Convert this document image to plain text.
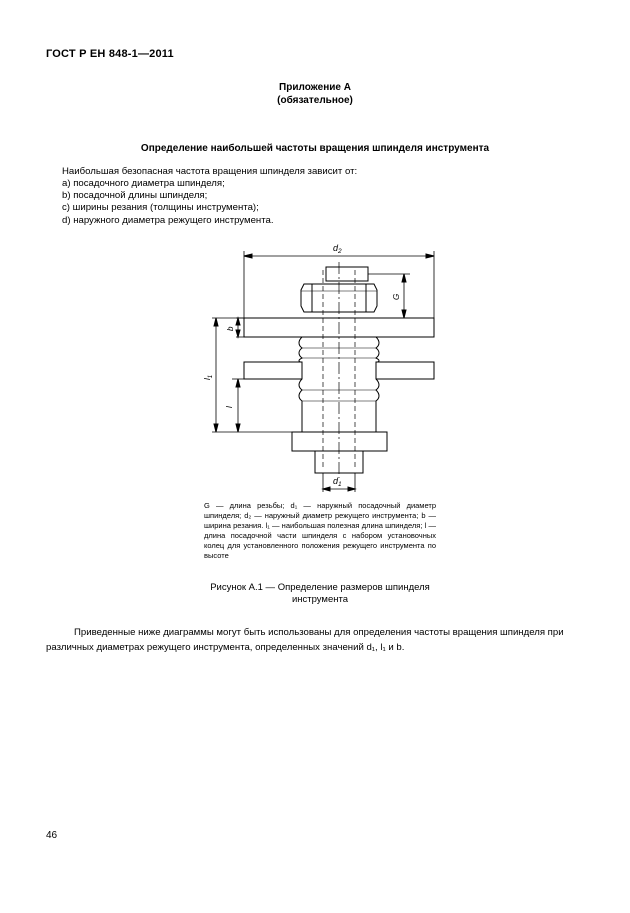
ГОСТ Р ЕН 848-1—2011
Приложение А
(обязательное)
Определение наибольшей частоты вращения шпинделя инструмента
Наибольшая безопасная частота вращения шпинделя зависит от:
а) посадочного диаметра шпинделя;
b) посадочной длины шпинделя;
c) ширины резания (толщины инструмента);
d) наружного диаметра режущего инструмента.
$d_2$
G
b
$l_1$
l
$d_1$
G — длина резьбы; d₁ — наружный посадочный диаметр шпинделя; d₂ — наружный диаметр режущего инструмента; b — ширина резания. l₁ — наибольшая полезная длина шпинделя; l — длина посадочной части шпинделя с набором установочных колец для установленного положения режущего инструмента по высоте
Рисунок А.1 — Определение размеров шпинделя инструмента
Приведенные ниже диаграммы могут быть использованы для определения частоты вращения шпинделя при различных диаметрах режущего инструмента, определенных значений d₁, l₁ и b.
46
